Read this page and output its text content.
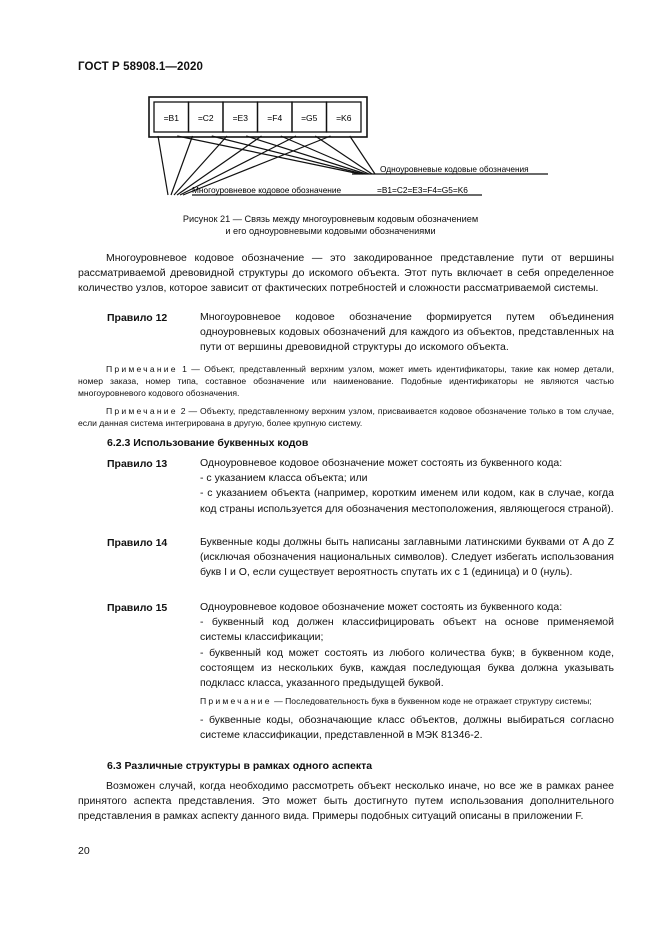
ГОСТ Р 58908.1—2020
=B1 =C2 =E3 =F4 =G5 =K6
Одноуровневые кодовые обозначения
Многоуровневое кодовое обозначение	=B1=C2=E3=F4=G5=K6
Рисунок 21 — Связь между многоуровневым кодовым обозначением
и его одноуровневыми кодовыми обозначениями
Многоуровневое кодовое обозначение — это закодированное представление пути от вершины рассматриваемой древовидной структуры до искомого объекта. Этот путь включает в себя определенное количество узлов, которое зависит от фактических потребностей и сложности рассматриваемой системы.
Правило 12	Многоуровневое кодовое обозначение формируется путем объединения одноуровневых кодовых обозначений для каждого из объектов, представленных на пути от вершины древовидной структуры до искомого объекта.
Примечание 1 — Объект, представленный верхним узлом, может иметь идентификаторы, такие как номер детали, номер заказа, номер типа, составное обозначение или наименование. Подобные идентификаторы не являются частью многоуровневого кодового обозначения.
Примечание 2 — Объекту, представленному верхним узлом, присваивается кодовое обозначение только в том случае, если данная система интегрирована в другую, более крупную систему.
6.2.3 Использование буквенных кодов
Правило 13	Одноуровневое кодовое обозначение может состоять из буквенного кода:
- с указанием класса объекта; или
- с указанием объекта (например, коротким именем или кодом, как в случае, когда код страны используется для обозначения местоположения, являющегося страной).
Правило 14	Буквенные коды должны быть написаны заглавными латинскими буквами от A до Z (исключая обозначения национальных символов). Следует избегать использования букв I и O, если существует вероятность спутать их с 1 (единица) и 0 (нуль).
Правило 15	Одноуровневое кодовое обозначение может состоять из буквенного кода:
- буквенный код должен классифицировать объект на основе применяемой системы классификации;
- буквенный код может состоять из любого количества букв; в буквенном коде, состоящем из нескольких букв, каждая последующая буква должна указывать подкласс класса, указанного предыдущей буквой.
Примечание — Последовательность букв в буквенном коде не отражает структуру системы;
- буквенные коды, обозначающие класс объектов, должны выбираться согласно системе классификации, представленной в МЭК 81346-2.
6.3 Различные структуры в рамках одного аспекта
Возможен случай, когда необходимо рассмотреть объект несколько иначе, но все же в рамках ранее принятого аспекта представления. Это может быть достигнуто путем использования дополнительного представления в рамках аспекту данного вида. Примеры подобных ситуаций описаны в приложении F.
20
